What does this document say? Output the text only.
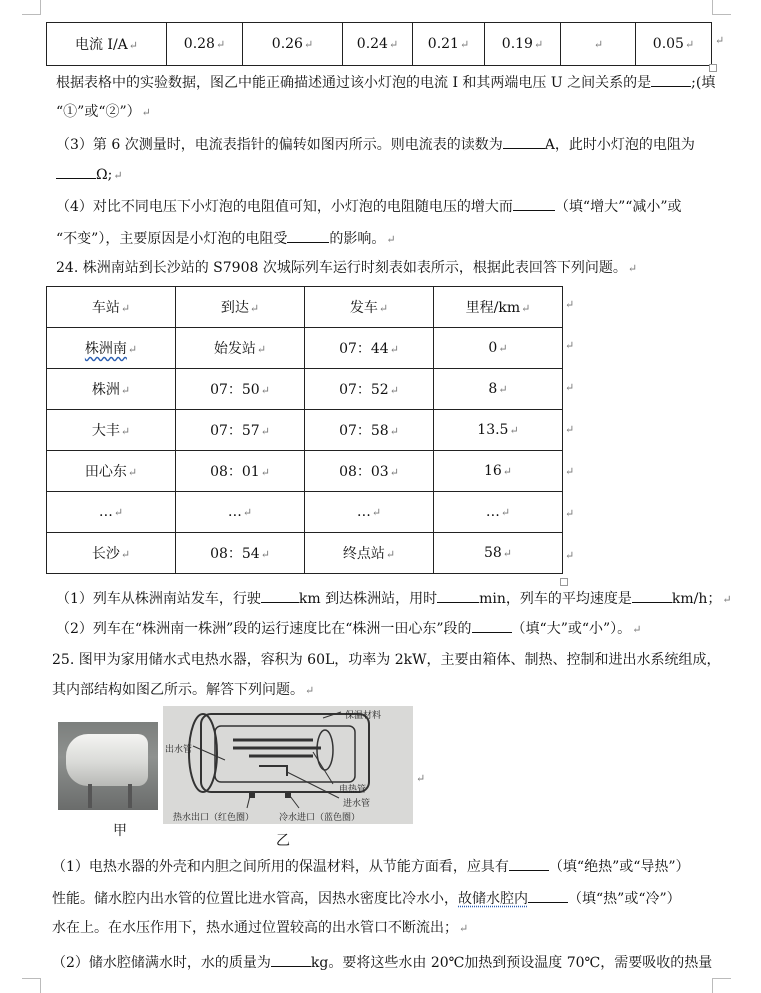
电流 I/A↵	0.28↵	0.26↵	0.24↵	0.21↵	0.19↵	↵	0.05↵ ↵
根据表格中的实验数据，图乙中能正确描述通过该小灯泡的电流 I 和其两端电压 U 之间关系的是	;(填
“①”或“②”）↵
（3）第 6 次测量时，电流表指针的偏转如图丙所示。则电流表的读数为	A，此时小灯泡的电阻为
Ω;↵
（4）对比不同电压下小灯泡的电阻值可知，小灯泡的电阻随电压的增大而	（填“增大”“减小”或
“不变”），主要原因是小灯泡的电阻受	的影响。↵
24. 株洲南站到长沙站的 S7908 次城际列车运行时刻表如表所示，根据此表回答下列问题。↵
车站↵	到达↵	发车↵	里程/km↵
株洲南↵	始发站↵	07：44↵	0↵
株洲↵	07：50↵	07：52↵	8↵
大丰↵	07：57↵	07：58↵	13.5↵
田心东↵	08：01↵	08：03↵	16↵
…↵	…↵	…↵	…↵
长沙↵	08：54↵	终点站↵	58↵
↵
↵
↵
↵
↵
↵
↵
（1）列车从株洲南站发车，行驶	km 到达株洲站，用时	min，列车的平均速度是	km/h；↵
（2）列车在“株洲南一株洲”段的运行速度比在“株洲一田心东”段的	（填“大”或“小”）。↵
25. 图甲为家用储水式电热水器，容积为 60L，功率为 2kW，主要由箱体、制热、控制和进出水系统组成，
其内部结构如图乙所示。解答下列问题。↵
甲
保温材料
出水管
电热管
进水管
热水出口（红色圈）	冷水进口（蓝色圈）
↵
乙
（1）电热水器的外壳和内胆之间所用的保温材料，从节能方面看，应具有	（填“绝热”或“导热”）
性能。储水腔内出水管的位置比进水管高，因热水密度比冷水小，故储水腔内	（填“热”或“冷”）
水在上。在水压作用下，热水通过位置较高的出水管口不断流出；↵
（2）储水腔储满水时，水的质量为	kg。要将这些水由 20℃加热到预设温度 70℃，需要吸收的热量
